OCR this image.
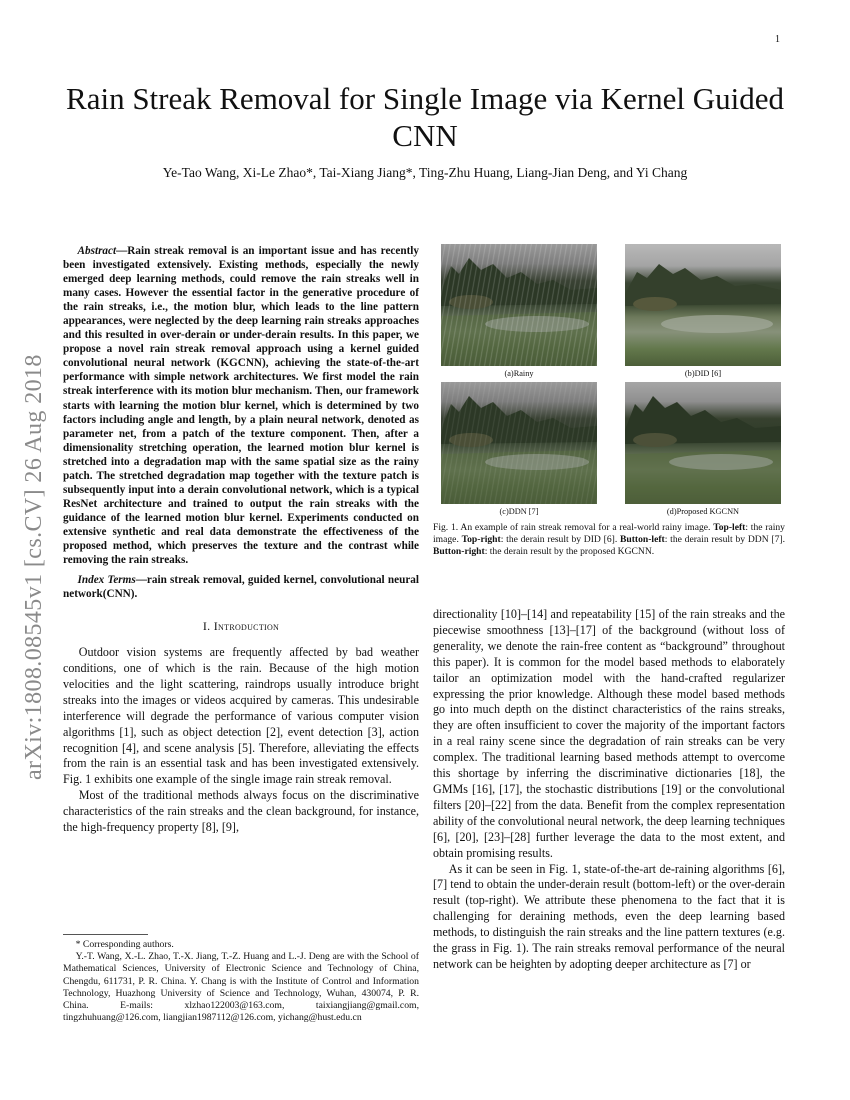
1
arXiv:1808.08545v1 [cs.CV] 26 Aug 2018
Rain Streak Removal for Single Image via Kernel Guided CNN
Ye-Tao Wang, Xi-Le Zhao*, Tai-Xiang Jiang*, Ting-Zhu Huang, Liang-Jian Deng, and Yi Chang

Abstract—Rain streak removal is an important issue and has recently been investigated extensively. Existing methods, especially the newly emerged deep learning methods, could remove the rain streaks well in many cases. However the essential factor in the generative procedure of the rain streaks, i.e., the motion blur, which leads to the line pattern appearances, were neglected by the deep learning rain streaks approaches and this resulted in over-derain or under-derain results. In this paper, we propose a novel rain streak removal approach using a kernel guided convolutional neural network (KGCNN), achieving the state-of-the-art performance with simple network architectures. We first model the rain streak interference with its motion blur mechanism. Then, our framework starts with learning the motion blur kernel, which is determined by two factors including angle and length, by a plain neural network, denoted as parameter net, from a patch of the texture component. Then, after a dimensionality stretching operation, the learned motion blur kernel is stretched into a degradation map with the same spatial size as the rainy patch. The stretched degradation map together with the texture patch is subsequently input into a derain convolutional network, which is a typical ResNet architecture and trained to output the rain streaks with the guidance of the learned motion blur kernel. Experiments conducted on extensive synthetic and real data demonstrate the effectiveness of the proposed method, which preserves the texture and the contrast while removing the rain streaks.

Index Terms—rain streak removal, guided kernel, convolutional neural network(CNN).

I. Introduction

Outdoor vision systems are frequently affected by bad weather conditions, one of which is the rain. Because of the high motion velocities and the light scattering, raindrops usually introduce bright streaks into the images or videos acquired by cameras. This undesirable interference will degrade the performance of various computer vision algorithms [1], such as object detection [2], event detection [3], action recognition [4], and scene analysis [5]. Therefore, alleviating the effects from the rain is an essential task and has been investigated extensively. Fig. 1 exhibits one example of the single image rain streak removal.

Most of the traditional methods always focus on the discriminative characteristics of the rain streaks and the clean background, for instance, the high-frequency property [8], [9],

* Corresponding authors.

Y.-T. Wang, X.-L. Zhao, T.-X. Jiang, T.-Z. Huang and L.-J. Deng are with the School of Mathematical Sciences, University of Electronic Science and Technology of China, Chengdu, 611731, P. R. China. Y. Chang is with the Institute of Control and Information Technology, Huazhong University of Science and Technology, Wuhan, 430074, P. R. China. E-mails: xlzhao122003@163.com, taixiangjiang@gmail.com, tingzhuhuang@126.com, liangjian1987112@126.com, yichang@hust.edu.cn

(a)Rainy	(b)DID [6]
(c)DDN [7]	(d)Proposed KGCNN
Fig. 1. An example of rain streak removal for a real-world rainy image. Top-left: the rainy image. Top-right: the derain result by DID [6]. Button-left: the derain result by DDN [7]. Button-right: the derain result by the proposed KGCNN.

directionality [10]–[14] and repeatability [15] of the rain streaks and the piecewise smoothness [13]–[17] of the background (without loss of generality, we denote the rain-free content as “background” throughout this paper). It is common for the model based methods to elaborately tailor an optimization model with the hand-crafted regularizer expressing the prior knowledge. Although these model based methods go into much depth on the distinct characteristics of the rains streaks, they are often insufficient to cover the majority of the important factors in a real rainy scene since the degradation of rain streaks can be very complex. The traditional learning based methods attempt to overcome this shortage by inferring the discriminative dictionaries [18], the GMMs [16], [17], the stochastic distributions [19] or the convolutional filters [20]–[22] from the data. Benefit from the complex representation ability of the convolutional neural network, the deep learning techniques [6], [20], [23]–[28] further leverage the data to the most extent, and obtain promising results.

As it can be seen in Fig. 1, state-of-the-art de-raining algorithms [6], [7] tend to obtain the under-derain result (bottom-left) or the over-derain result (top-right). We attribute these phenomena to the fact that it is challenging for deraining methods, even the deep learning based methods, to distinguish the rain streaks and the line pattern textures (e.g. the grass in Fig. 1). The rain streaks removal performance of the neural network can be heighten by adopting deeper architecture as [7] or
